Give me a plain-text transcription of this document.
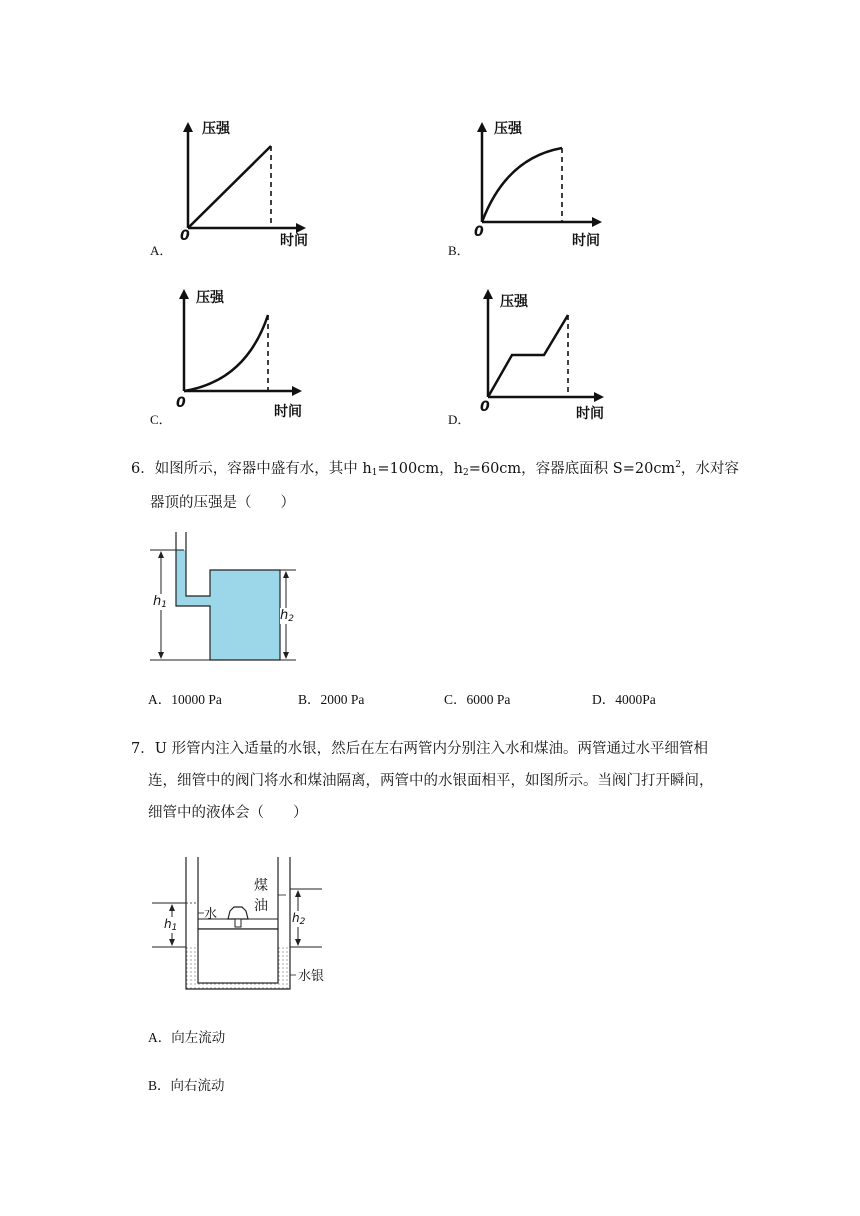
压强
时间
0
A．
压强
时间
0
B．
压强
时间
0
C．
压强
时间
0
D．
6．如图所示，容器中盛有水，其中 $h_1=100cm$，$h_2=60cm$，容器底面积 $S=20cm^2$，水对容
器顶的压强是（　　）
$h_1$
$h_2$
A．10000 Pa	B．2000 Pa	C．6000 Pa	D．4000Pa
7．U 形管内注入适量的水银，然后在左右两管内分别注入水和煤油。两管通过水平细管相
连，细管中的阀门将水和煤油隔离，两管中的水银面相平，如图所示。当阀门打开瞬间，
细管中的液体会（　　）
水
煤
油
水银
$h_1$
$h_2$
A．向左流动
B．向右流动
